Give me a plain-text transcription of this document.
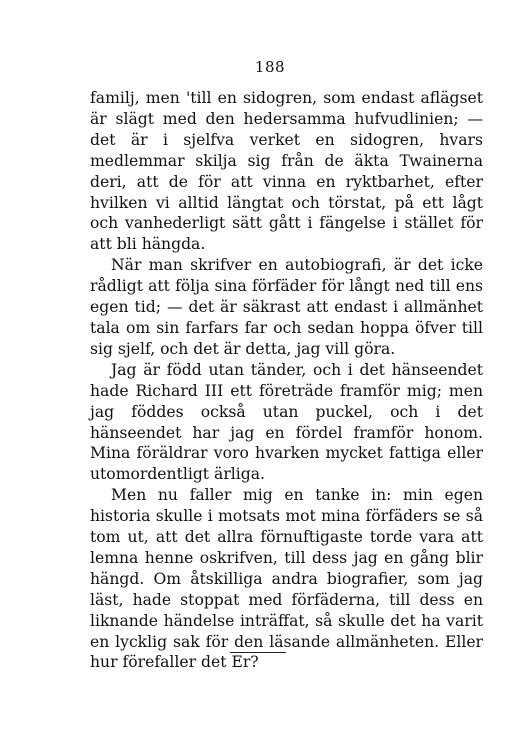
188

familj, men 'till en sidogren, som endast aflägset är slägt med den hedersamma hufvudlinien; — det är i sjelfva verket en sidogren, hvars medlemmar skilja sig från de äkta Twainerna deri, att de för att vinna en ryktbarhet, efter hvilken vi alltid längtat och törstat, på ett lågt och vanhederligt sätt gått i fängelse i stället för att bli hängda.

När man skrifver en autobiografi, är det icke rådligt att följa sina förfäder för långt ned till ens egen tid; — det är säkrast att endast i allmänhet tala om sin farfars far och sedan hoppa öfver till sig sjelf, och det är detta, jag vill göra.

Jag är född utan tänder, och i det hänseendet hade Richard III ett företräde framför mig; men jag föddes också utan puckel, och i det hänseendet har jag en fördel framför honom. Mina föräldrar voro hvarken mycket fattiga eller utomordentligt ärliga.

Men nu faller mig en tanke in: min egen historia skulle i motsats mot mina förfäders se så tom ut, att det allra förnuftigaste torde vara att lemna henne oskrifven, till dess jag en gång blir hängd. Om åtskilliga andra biografier, som jag läst, hade stoppat med förfäderna, till dess en liknande händelse inträffat, så skulle det ha varit en lycklig sak för den läsande allmänheten. Eller hur förefaller det Er?
